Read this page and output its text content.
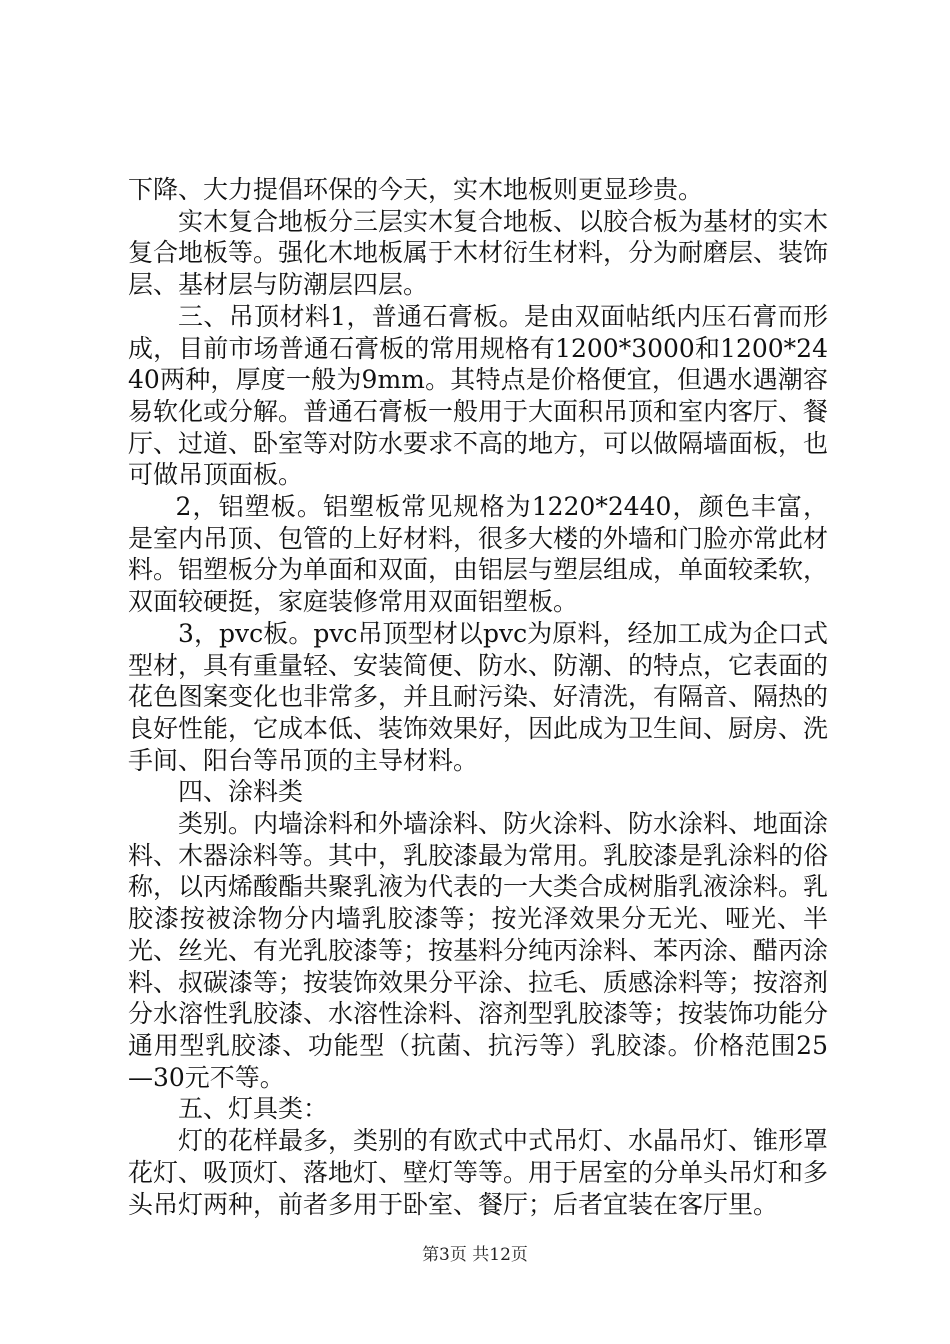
下降、大力提倡环保的今天，实木地板则更显珍贵。

实木复合地板分三层实木复合地板、以胶合板为基材的实木复合地板等。强化木地板属于木材衍生材料，分为耐磨层、装饰层、基材层与防潮层四层。

三、吊顶材料1，普通石膏板。是由双面帖纸内压石膏而形成，目前市场普通石膏板的常用规格有1200*3000和1200*2440两种，厚度一般为9mm。其特点是价格便宜，但遇水遇潮容易软化或分解。普通石膏板一般用于大面积吊顶和室内客厅、餐厅、过道、卧室等对防水要求不高的地方，可以做隔墙面板，也可做吊顶面板。

2，铝塑板。铝塑板常见规格为1220*2440，颜色丰富，是室内吊顶、包管的上好材料，很多大楼的外墙和门脸亦常此材料。铝塑板分为单面和双面，由铝层与塑层组成，单面较柔软，双面较硬挺，家庭装修常用双面铝塑板。

3，pvc板。pvc吊顶型材以pvc为原料，经加工成为企口式型材，具有重量轻、安装简便、防水、防潮、的特点，它表面的花色图案变化也非常多，并且耐污染、好清洗，有隔音、隔热的良好性能，它成本低、装饰效果好，因此成为卫生间、厨房、洗手间、阳台等吊顶的主导材料。

四、涂料类

类别。内墙涂料和外墙涂料、防火涂料、防水涂料、地面涂料、木器涂料等。其中，乳胶漆最为常用。乳胶漆是乳涂料的俗称，以丙烯酸酯共聚乳液为代表的一大类合成树脂乳液涂料。乳胶漆按被涂物分内墙乳胶漆等；按光泽效果分无光、哑光、半光、丝光、有光乳胶漆等；按基料分纯丙涂料、苯丙涂、醋丙涂料、叔碳漆等；按装饰效果分平涂、拉毛、质感涂料等；按溶剂分水溶性乳胶漆、水溶性涂料、溶剂型乳胶漆等；按装饰功能分通用型乳胶漆、功能型（抗菌、抗污等）乳胶漆。价格范围25—30元不等。

五、灯具类：

灯的花样最多，类别的有欧式中式吊灯、水晶吊灯、锥形罩花灯、吸顶灯、落地灯、壁灯等等。用于居室的分单头吊灯和多头吊灯两种，前者多用于卧室、餐厅；后者宜装在客厅里。

第3页 共12页
